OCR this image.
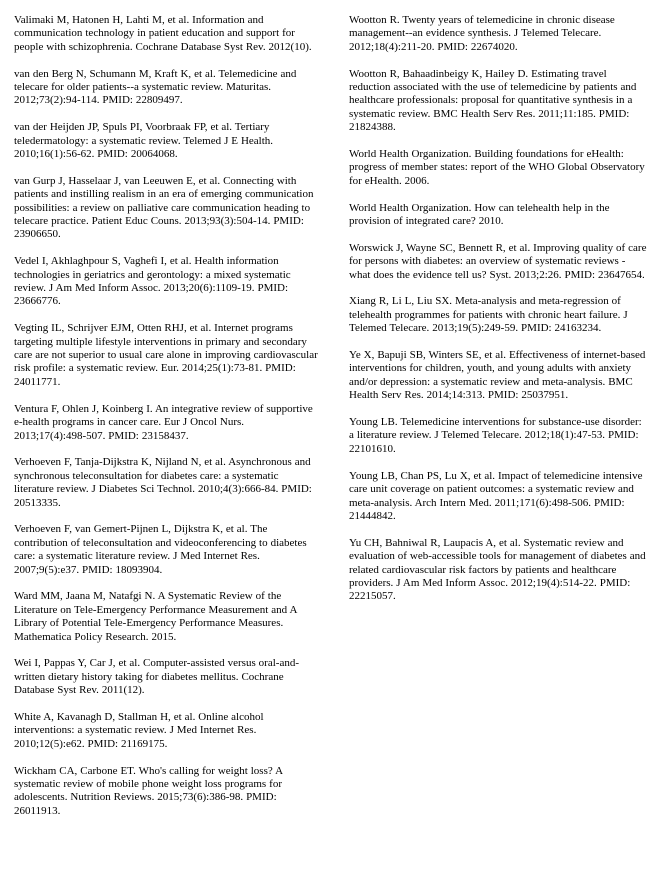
Valimaki M, Hatonen H, Lahti M, et al. Information and communication technology in patient education and support for people with schizophrenia. Cochrane Database Syst Rev. 2012(10).

van den Berg N, Schumann M, Kraft K, et al. Telemedicine and telecare for older patients--a systematic review. Maturitas. 2012;73(2):94-114. PMID: 22809497.

van der Heijden JP, Spuls PI, Voorbraak FP, et al. Tertiary teledermatology: a systematic review. Telemed J E Health. 2010;16(1):56-62. PMID: 20064068.

van Gurp J, Hasselaar J, van Leeuwen E, et al. Connecting with patients and instilling realism in an era of emerging communication possibilities: a review on palliative care communication heading to telecare practice. Patient Educ Couns. 2013;93(3):504-14. PMID: 23906650.

Vedel I, Akhlaghpour S, Vaghefi I, et al. Health information technologies in geriatrics and gerontology: a mixed systematic review. J Am Med Inform Assoc. 2013;20(6):1109-19. PMID: 23666776.

Vegting IL, Schrijver EJM, Otten RHJ, et al. Internet programs targeting multiple lifestyle interventions in primary and secondary care are not superior to usual care alone in improving cardiovascular risk profile: a systematic review. Eur. 2014;25(1):73-81. PMID: 24011771.

Ventura F, Ohlen J, Koinberg I. An integrative review of supportive e-health programs in cancer care. Eur J Oncol Nurs. 2013;17(4):498-507. PMID: 23158437.

Verhoeven F, Tanja-Dijkstra K, Nijland N, et al. Asynchronous and synchronous teleconsultation for diabetes care: a systematic literature review. J Diabetes Sci Technol. 2010;4(3):666-84. PMID: 20513335.

Verhoeven F, van Gemert-Pijnen L, Dijkstra K, et al. The contribution of teleconsultation and videoconferencing to diabetes care: a systematic literature review. J Med Internet Res. 2007;9(5):e37. PMID: 18093904.

Ward MM, Jaana M, Natafgi N. A Systematic Review of the Literature on Tele-Emergency Performance Measurement and A Library of Potential Tele-Emergency Performance Measures. Mathematica Policy Research. 2015.

Wei I, Pappas Y, Car J, et al. Computer-assisted versus oral-and-written dietary history taking for diabetes mellitus. Cochrane Database Syst Rev. 2011(12).

White A, Kavanagh D, Stallman H, et al. Online alcohol interventions: a systematic review. J Med Internet Res. 2010;12(5):e62. PMID: 21169175.

Wickham CA, Carbone ET. Who's calling for weight loss? A systematic review of mobile phone weight loss programs for adolescents. Nutrition Reviews. 2015;73(6):386-98. PMID: 26011913.

Wootton R. Twenty years of telemedicine in chronic disease management--an evidence synthesis. J Telemed Telecare. 2012;18(4):211-20. PMID: 22674020.

Wootton R, Bahaadinbeigy K, Hailey D. Estimating travel reduction associated with the use of telemedicine by patients and healthcare professionals: proposal for quantitative synthesis in a systematic review. BMC Health Serv Res. 2011;11:185. PMID: 21824388.

World Health Organization. Building foundations for eHealth: progress of member states: report of the WHO Global Observatory for eHealth. 2006.

World Health Organization. How can telehealth help in the provision of integrated care? 2010.

Worswick J, Wayne SC, Bennett R, et al. Improving quality of care for persons with diabetes: an overview of systematic reviews - what does the evidence tell us? Syst. 2013;2:26. PMID: 23647654.

Xiang R, Li L, Liu SX. Meta-analysis and meta-regression of telehealth programmes for patients with chronic heart failure. J Telemed Telecare. 2013;19(5):249-59. PMID: 24163234.

Ye X, Bapuji SB, Winters SE, et al. Effectiveness of internet-based interventions for children, youth, and young adults with anxiety and/or depression: a systematic review and meta-analysis. BMC Health Serv Res. 2014;14:313. PMID: 25037951.

Young LB. Telemedicine interventions for substance-use disorder: a literature review. J Telemed Telecare. 2012;18(1):47-53. PMID: 22101610.

Young LB, Chan PS, Lu X, et al. Impact of telemedicine intensive care unit coverage on patient outcomes: a systematic review and meta-analysis. Arch Intern Med. 2011;171(6):498-506. PMID: 21444842.

Yu CH, Bahniwal R, Laupacis A, et al. Systematic review and evaluation of web-accessible tools for management of diabetes and related cardiovascular risk factors by patients and healthcare providers. J Am Med Inform Assoc. 2012;19(4):514-22. PMID: 22215057.
